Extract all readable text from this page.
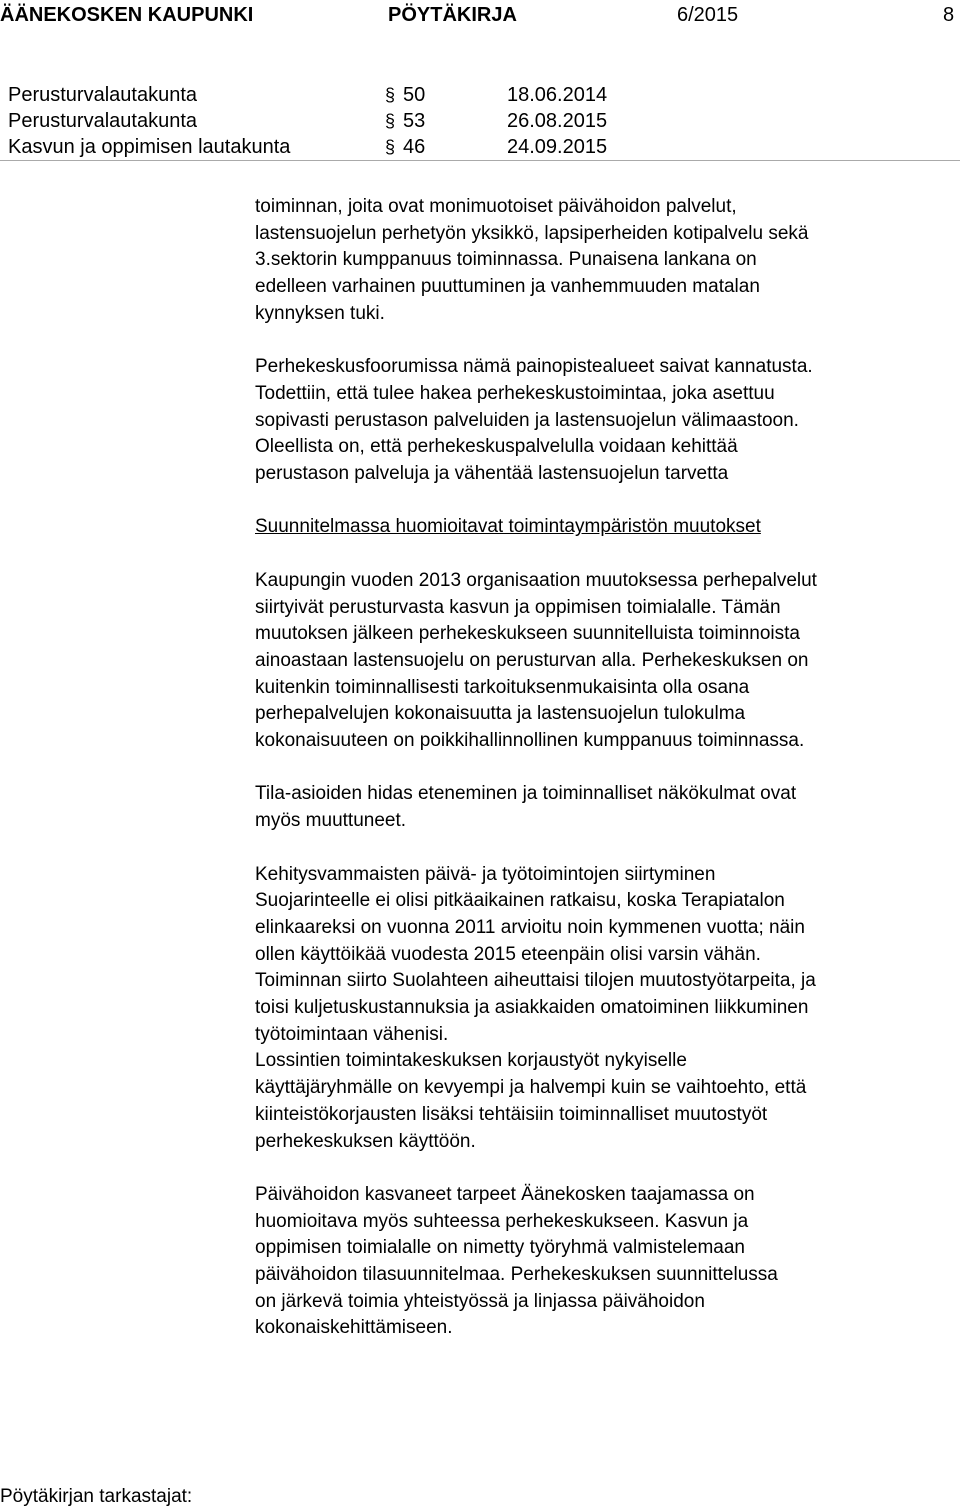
ÄÄNEKOSKEN KAUPUNKI	PÖYTÄKIRJA	6/2015	8
Perusturvalautakunta	§ 50	18.06.2014
Perusturvalautakunta	§ 53	26.08.2015
Kasvun ja oppimisen lautakunta	§ 46	24.09.2015

toiminnan, joita ovat monimuotoiset päivähoidon palvelut,
lastensuojelun perhetyön yksikkö, lapsiperheiden kotipalvelu sekä
3.sektorin kumppanuus toiminnassa. Punaisena lankana on
edelleen varhainen puuttuminen ja vanhemmuuden matalan
kynnyksen tuki.

Perhekeskusfoorumissa nämä painopistealueet saivat kannatusta.
Todettiin, että tulee hakea perhekeskustoimintaa, joka asettuu
sopivasti perustason palveluiden ja lastensuojelun välimaastoon.
Oleellista on, että perhekeskuspalvelulla voidaan kehittää
perustason palveluja ja vähentää lastensuojelun tarvetta

Suunnitelmassa huomioitavat toimintaympäristön muutokset

Kaupungin vuoden 2013 organisaation muutoksessa perhepalvelut
siirtyivät perusturvasta kasvun ja oppimisen toimialalle. Tämän
muutoksen jälkeen perhekeskukseen suunnitelluista toiminnoista
ainoastaan lastensuojelu on perusturvan alla. Perhekeskuksen on
kuitenkin toiminnallisesti tarkoituksenmukaisinta olla osana
perhepalvelujen kokonaisuutta ja lastensuojelun tulokulma
kokonaisuuteen on poikkihallinnollinen kumppanuus toiminnassa.

Tila-asioiden hidas eteneminen ja toiminnalliset näkökulmat ovat
myös muuttuneet.

Kehitysvammaisten päivä- ja työtoimintojen siirtyminen
Suojarinteelle ei olisi pitkäaikainen ratkaisu, koska Terapiatalon
elinkaareksi on vuonna 2011 arvioitu noin kymmenen vuotta; näin
ollen käyttöikää vuodesta 2015 eteenpäin olisi varsin vähän.
Toiminnan siirto Suolahteen aiheuttaisi tilojen muutostyötarpeita, ja
toisi kuljetuskustannuksia ja asiakkaiden omatoiminen liikkuminen
työtoimintaan vähenisi.
Lossintien toimintakeskuksen korjaustyöt nykyiselle
käyttäjäryhmälle on kevyempi ja halvempi kuin se vaihtoehto, että
kiinteistökorjausten lisäksi tehtäisiin toiminnalliset muutostyöt
perhekeskuksen käyttöön.

Päivähoidon kasvaneet tarpeet Äänekosken taajamassa on
huomioitava myös suhteessa perhekeskukseen. Kasvun ja
oppimisen toimialalle on nimetty työryhmä valmistelemaan
päivähoidon tilasuunnitelmaa. Perhekeskuksen suunnittelussa
on järkevä toimia yhteistyössä ja linjassa päivähoidon
kokonaiskehittämiseen.

Pöytäkirjan tarkastajat:
